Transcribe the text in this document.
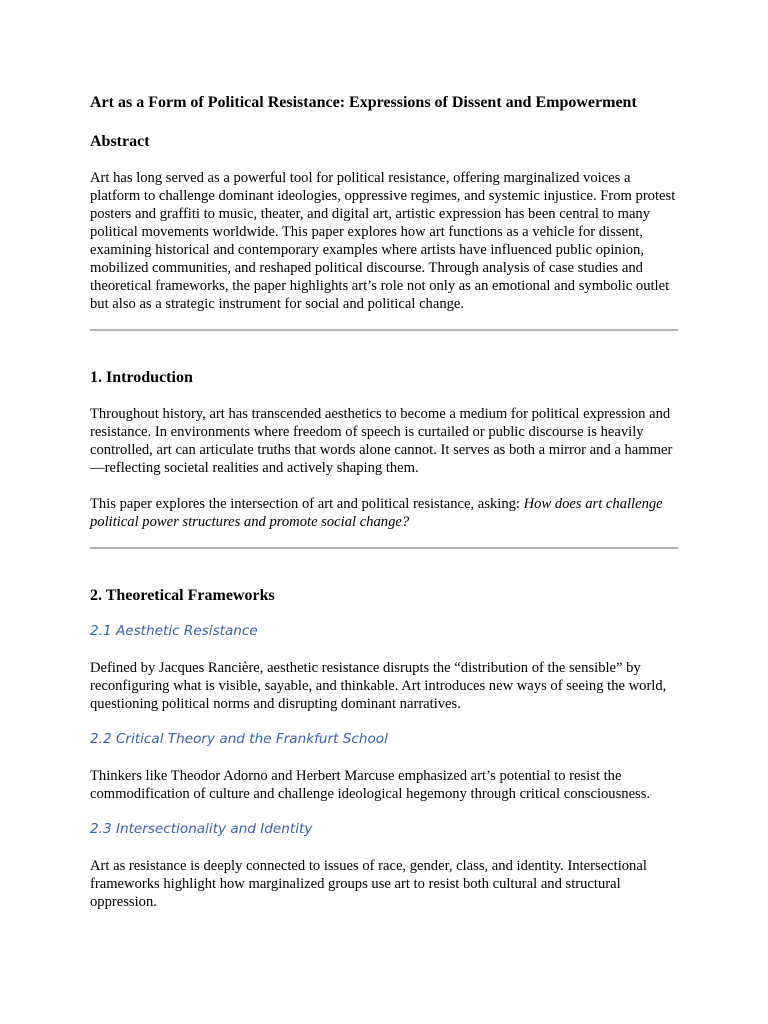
Art as a Form of Political Resistance: Expressions of Dissent and Empowerment
Abstract

Art has long served as a powerful tool for political resistance, offering marginalized voices a platform to challenge dominant ideologies, oppressive regimes, and systemic injustice. From protest posters and graffiti to music, theater, and digital art, artistic expression has been central to many political movements worldwide. This paper explores how art functions as a vehicle for dissent, examining historical and contemporary examples where artists have influenced public opinion, mobilized communities, and reshaped political discourse. Through analysis of case studies and theoretical frameworks, the paper highlights art’s role not only as an emotional and symbolic outlet but also as a strategic instrument for social and political change.

1. Introduction

Throughout history, art has transcended aesthetics to become a medium for political expression and resistance. In environments where freedom of speech is curtailed or public discourse is heavily controlled, art can articulate truths that words alone cannot. It serves as both a mirror and a hammer—reflecting societal realities and actively shaping them.

This paper explores the intersection of art and political resistance, asking: How does art challenge political power structures and promote social change?

2. Theoretical Frameworks
2.1 Aesthetic Resistance

Defined by Jacques Rancière, aesthetic resistance disrupts the “distribution of the sensible” by reconfiguring what is visible, sayable, and thinkable. Art introduces new ways of seeing the world, questioning political norms and disrupting dominant narratives.

2.2 Critical Theory and the Frankfurt School

Thinkers like Theodor Adorno and Herbert Marcuse emphasized art’s potential to resist the commodification of culture and challenge ideological hegemony through critical consciousness.

2.3 Intersectionality and Identity

Art as resistance is deeply connected to issues of race, gender, class, and identity. Intersectional frameworks highlight how marginalized groups use art to resist both cultural and structural oppression.
